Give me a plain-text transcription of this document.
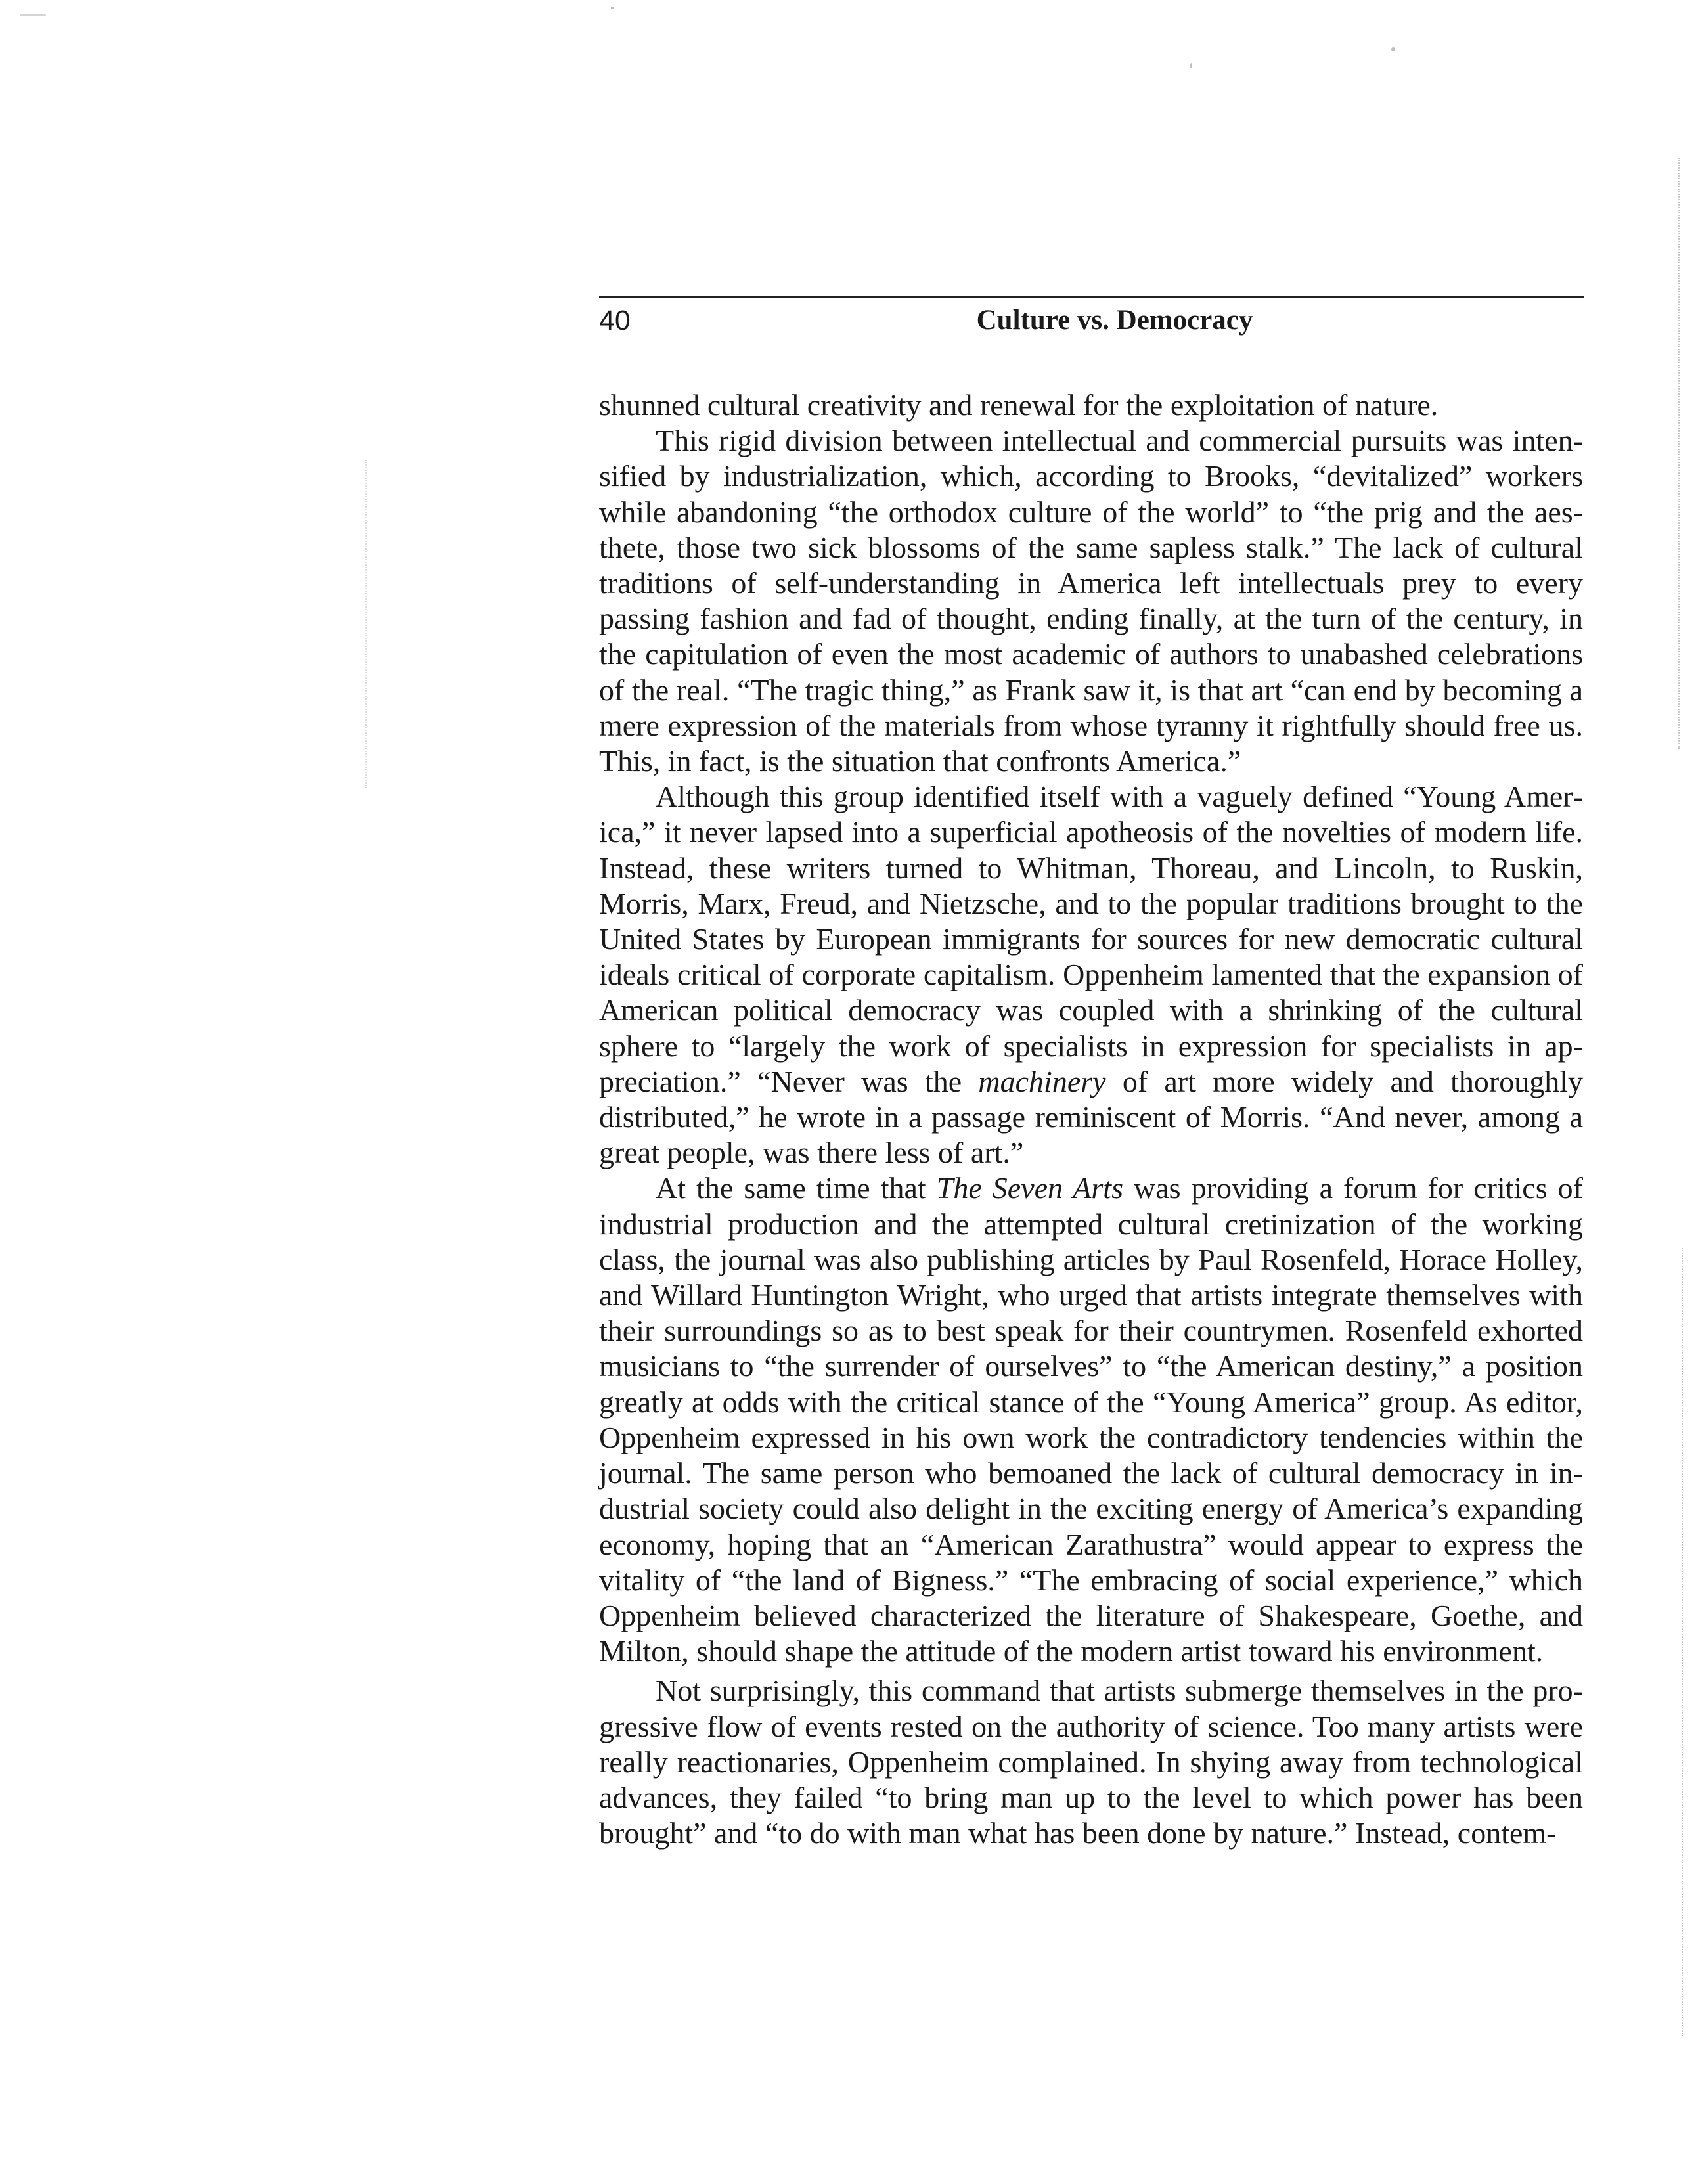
40	Culture vs. Democracy

shunned cultural creativity and renewal for the exploitation of nature.

This rigid division between intellectual and commercial pursuits was intensified by industrialization, which, according to Brooks, “devitalized” workers while abandoning “the orthodox culture of the world” to “the prig and the aesthete, those two sick blossoms of the same sapless stalk.” The lack of cultural traditions of self-understanding in America left intellectuals prey to every passing fashion and fad of thought, ending finally, at the turn of the century, in the capitulation of even the most academic of authors to unabashed celebrations of the real. “The tragic thing,” as Frank saw it, is that art “can end by becoming a mere expression of the materials from whose tyranny it rightfully should free us. This, in fact, is the situation that confronts America.”

Although this group identified itself with a vaguely defined “Young America,” it never lapsed into a superficial apotheosis of the novelties of modern life. Instead, these writers turned to Whitman, Thoreau, and Lincoln, to Ruskin, Morris, Marx, Freud, and Nietzsche, and to the popular traditions brought to the United States by European immigrants for sources for new democratic cultural ideals critical of corporate capitalism. Oppenheim lamented that the expansion of American political democracy was coupled with a shrinking of the cultural sphere to “largely the work of specialists in expression for specialists in appreciation.” “Never was the machinery of art more widely and thoroughly distributed,” he wrote in a passage reminiscent of Morris. “And never, among a great people, was there less of art.”

At the same time that The Seven Arts was providing a forum for critics of industrial production and the attempted cultural cretinization of the working class, the journal was also publishing articles by Paul Rosenfeld, Horace Holley, and Willard Huntington Wright, who urged that artists integrate themselves with their surroundings so as to best speak for their countrymen. Rosenfeld exhorted musicians to “the surrender of ourselves” to “the American destiny,” a position greatly at odds with the critical stance of the “Young America” group. As editor, Oppenheim expressed in his own work the contradictory tendencies within the journal. The same person who bemoaned the lack of cultural democracy in industrial society could also delight in the exciting energy of America’s expanding economy, hoping that an “American Zarathustra” would appear to express the vitality of “the land of Bigness.” “The embracing of social experience,” which Oppenheim believed characterized the literature of Shakespeare, Goethe, and Milton, should shape the attitude of the modern artist toward his environment.

Not surprisingly, this command that artists submerge themselves in the progressive flow of events rested on the authority of science. Too many artists were really reactionaries, Oppenheim complained. In shying away from technological advances, they failed “to bring man up to the level to which power has been brought” and “to do with man what has been done by nature.” Instead, contem-
